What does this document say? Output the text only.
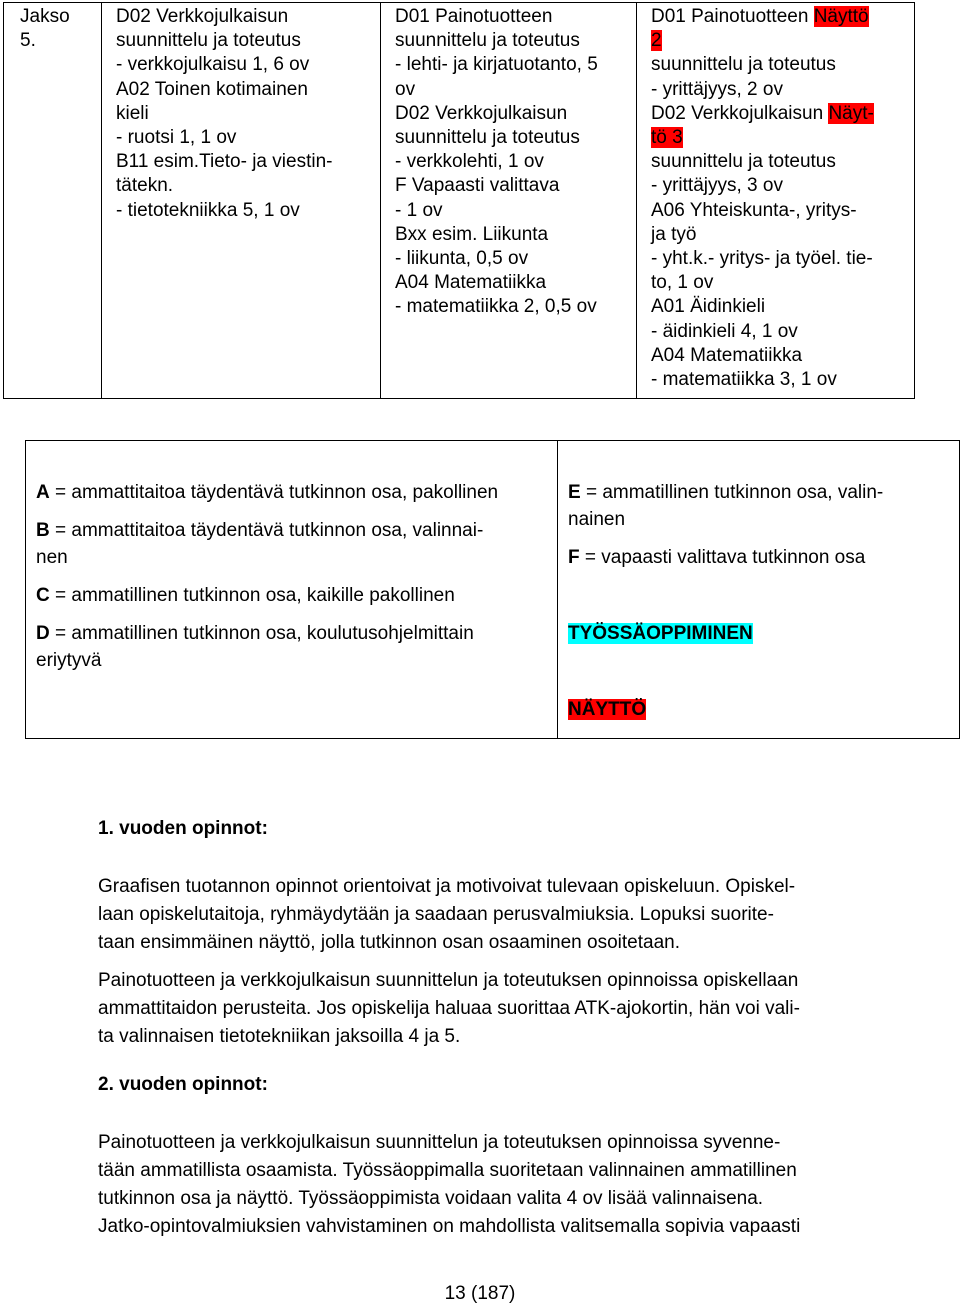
Jakso
5.

D02 Verkkojulkaisun
suunnittelu ja toteutus
- verkkojulkaisu 1, 6 ov
A02 Toinen kotimainen
kieli
- ruotsi 1, 1 ov
B11 esim.Tieto- ja viestin-
tätekn.
- tietotekniikka 5, 1 ov

D01 Painotuotteen
suunnittelu ja toteutus
- lehti- ja kirjatuotanto, 5
ov
D02 Verkkojulkaisun
suunnittelu ja toteutus
- verkkolehti, 1 ov
F Vapaasti valittava
- 1 ov
Bxx esim. Liikunta
- liikunta, 0,5 ov
A04 Matematiikka
- matematiikka 2, 0,5 ov

D01 Painotuotteen Näyttö
2
suunnittelu ja toteutus
- yrittäjyys, 2 ov
D02 Verkkojulkaisun Näyt-
tö 3
suunnittelu ja toteutus
- yrittäjyys, 3 ov
A06 Yhteiskunta-, yritys-
ja työ
- yht.k.- yritys- ja työel. tie-
to, 1 ov
A01 Äidinkieli
- äidinkieli 4, 1 ov
A04 Matematiikka
- matematiikka 3, 1 ov
A = ammattitaitoa täydentävä tutkinnon osa, pakollinen
B = ammattitaitoa täydentävä tutkinnon osa, valinnai-
nen
C = ammatillinen tutkinnon osa, kaikille pakollinen
D = ammatillinen tutkinnon osa, koulutusohjelmittain
eriytyvä

E = ammatillinen tutkinnon osa, valin-
nainen
F = vapaasti valittava tutkinnon osa
TYÖSSÄOPPIMINEN
NÄYTTÖ
1. vuoden opinnot:
Graafisen tuotannon opinnot orientoivat ja motivoivat tulevaan opiskeluun. Opiskel-
laan opiskelutaitoja, ryhmäydytään ja saadaan perusvalmiuksia. Lopuksi suorite-
taan ensimmäinen näyttö, jolla tutkinnon osan osaaminen osoitetaan.
Painotuotteen ja verkkojulkaisun suunnittelun ja toteutuksen opinnoissa opiskellaan
ammattitaidon perusteita. Jos opiskelija haluaa suorittaa ATK-ajokortin, hän voi vali-
ta valinnaisen tietotekniikan jaksoilla 4 ja 5.
2. vuoden opinnot:
Painotuotteen ja verkkojulkaisun suunnittelun ja toteutuksen opinnoissa syvenne-
tään ammatillista osaamista. Työssäoppimalla suoritetaan valinnainen ammatillinen
tutkinnon osa ja näyttö. Työssäoppimista voidaan valita 4 ov lisää valinnaisena.
Jatko-opintovalmiuksien vahvistaminen on mahdollista valitsemalla sopivia vapaasti
13 (187)
